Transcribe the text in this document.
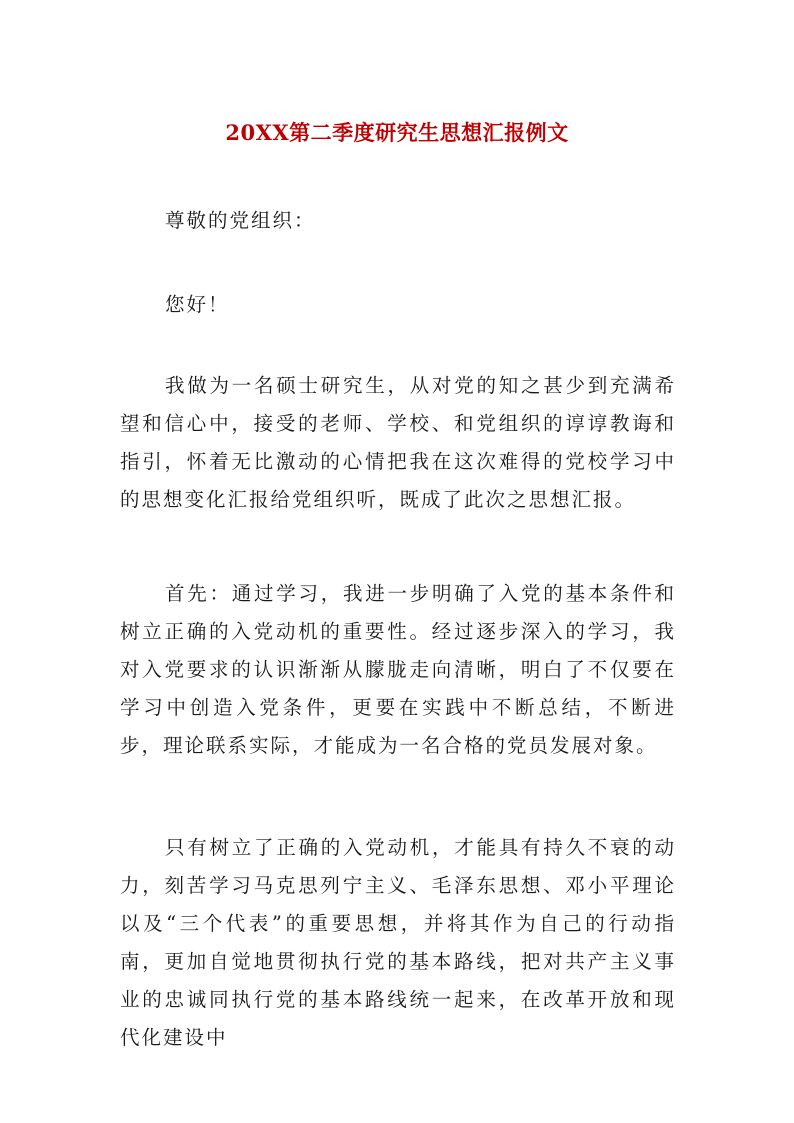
20XX第二季度研究生思想汇报例文

尊敬的党组织：

您好！

我做为一名硕士研究生，从对党的知之甚少到充满希望和信心中，接受的老师、学校、和党组织的谆谆教诲和指引，怀着无比激动的心情把我在这次难得的党校学习中的思想变化汇报给党组织听，既成了此次之思想汇报。

首先：通过学习，我进一步明确了入党的基本条件和树立正确的入党动机的重要性。经过逐步深入的学习，我对入党要求的认识渐渐从朦胧走向清晰，明白了不仅要在学习中创造入党条件，更要在实践中不断总结，不断进步，理论联系实际，才能成为一名合格的党员发展对象。

只有树立了正确的入党动机，才能具有持久不衰的动力，刻苦学习马克思列宁主义、毛泽东思想、邓小平理论以及“三个代表”的重要思想，并将其作为自己的行动指南，更加自觉地贯彻执行党的基本路线，把对共产主义事业的忠诚同执行党的基本路线统一起来，在改革开放和现代化建设中
